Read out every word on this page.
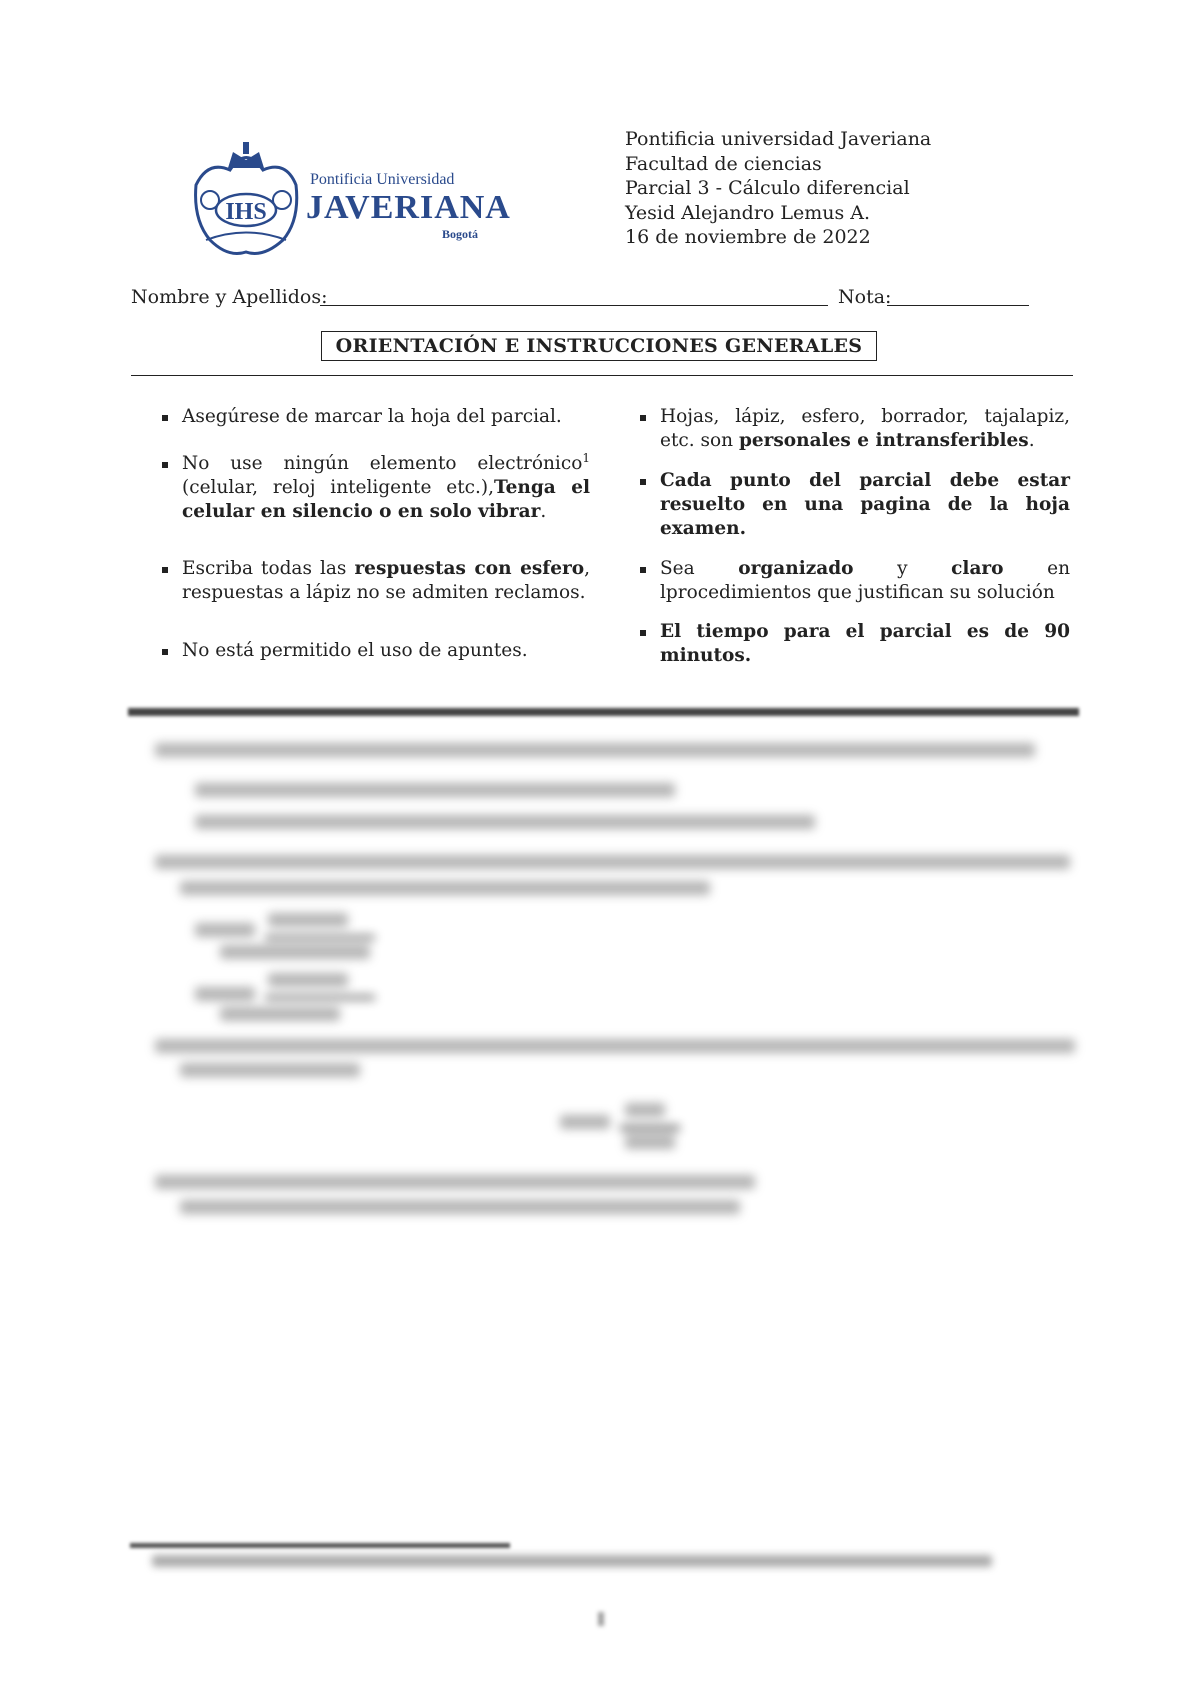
IHS
Pontificia Universidad
JAVERIANA
Bogotá
Pontificia universidad Javeriana
Facultad de ciencias
Parcial 3 - Cálculo diferencial
Yesid Alejandro Lemus A.
16 de noviembre de 2022
Nombre y Apellidos:	Nota:
ORIENTACIÓN E INSTRUCCIONES GENERALES
Asegúrese de marcar la hoja del parcial.
No use ningún elemento electrónico$^1$ (celular, reloj inteligente etc.),Tenga el celular en silencio o en solo vibrar.
Escriba todas las respuestas con esfero, respuestas a lápiz no se admiten reclamos.
No está permitido el uso de apuntes.
Hojas, lápiz, esfero, borrador, tajalapiz, etc. son personales e intransferibles.
Cada punto del parcial debe estar resuelto en una pagina de la hoja examen.
Sea organizado y claro en lprocedimientos que justifican su solución
El tiempo para el parcial es de 90 minutos.
